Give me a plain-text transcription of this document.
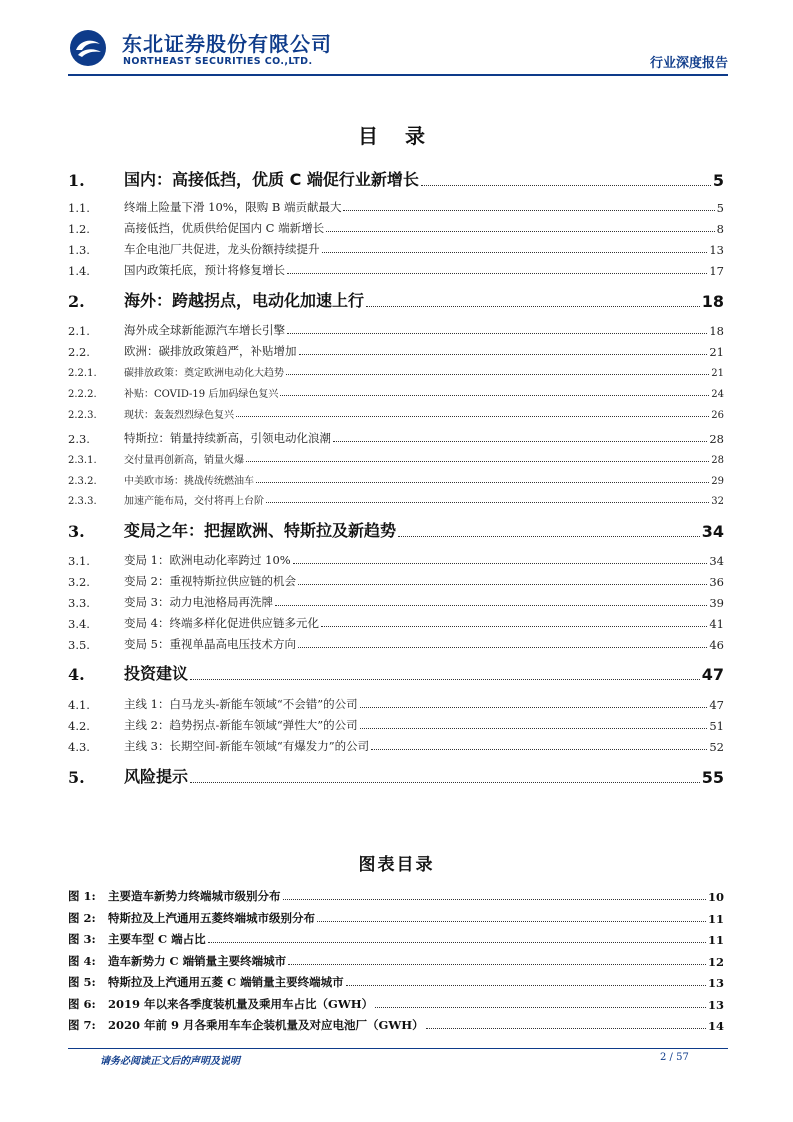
东北证券股份有限公司
NORTHEAST SECURITIES CO.,LTD.	行业深度报告
目 录
1.	国内：高接低挡，优质 C 端促行业新增长	5
1.1.	终端上险量下滑 10%，限购 B 端贡献最大	5
1.2.	高接低挡，优质供给促国内 C 端新增长	8
1.3.	车企电池厂共促进，龙头份额持续提升	13
1.4.	国内政策托底，预计将修复增长	17
2.	海外：跨越拐点，电动化加速上行	18
2.1.	海外成全球新能源汽车增长引擎	18
2.2.	欧洲：碳排放政策趋严，补贴增加	21
2.2.1.	碳排放政策：奠定欧洲电动化大趋势	21
2.2.2.	补贴：COVID-19 后加码绿色复兴	24
2.2.3.	现状：轰轰烈烈绿色复兴	26
2.3.	特斯拉：销量持续新高，引领电动化浪潮	28
2.3.1.	交付量再创新高，销量火爆	28
2.3.2.	中美欧市场：挑战传统燃油车	29
2.3.3.	加速产能布局，交付将再上台阶	32
3.	变局之年：把握欧洲、特斯拉及新趋势	34
3.1.	变局 1：欧洲电动化率跨过 10%	34
3.2.	变局 2：重视特斯拉供应链的机会	36
3.3.	变局 3：动力电池格局再洗牌	39
3.4.	变局 4：终端多样化促进供应链多元化	41
3.5.	变局 5：重视单晶高电压技术方向	46
4.	投资建议	47
4.1.	主线 1：白马龙头-新能车领域“不会错”的公司	47
4.2.	主线 2：趋势拐点-新能车领域“弹性大”的公司	51
4.3.	主线 3：长期空间-新能车领域“有爆发力”的公司	52
5.	风险提示	55
图表目录
图 1:	主要造车新势力终端城市级别分布	10
图 2:	特斯拉及上汽通用五菱终端城市级别分布	11
图 3:	主要车型 C 端占比	11
图 4:	造车新势力 C 端销量主要终端城市	12
图 5:	特斯拉及上汽通用五菱 C 端销量主要终端城市	13
图 6:	2019 年以来各季度装机量及乘用车占比（GWH）	13
图 7:	2020 年前 9 月各乘用车车企装机量及对应电池厂（GWH）	14
请务必阅读正文后的声明及说明	2 / 57
